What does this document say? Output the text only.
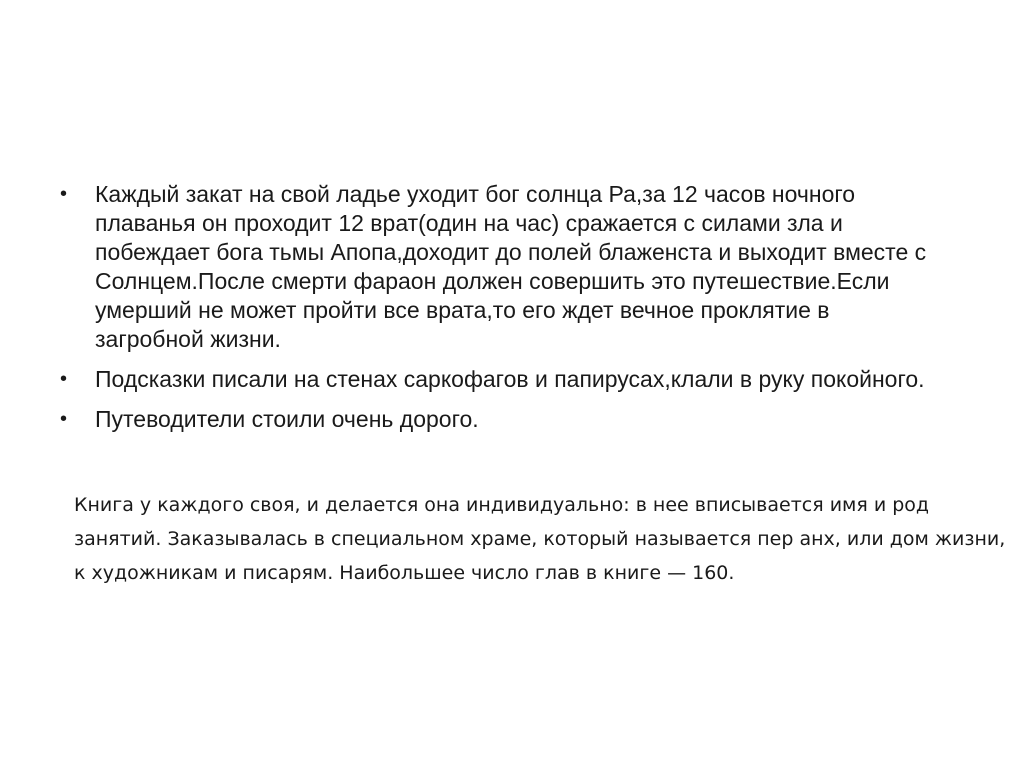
• Каждый закат на свой ладье уходит бог солнца Ра,за 12 часов ночного плаванья он проходит 12 врат(один на час) сражается с силами зла и побеждает бога тьмы Апопа,доходит до полей блаженста и выходит вместе с Солнцем.После смерти фараон должен совершить это путешествие.Если умерший не может пройти все врата,то его ждет вечное проклятие в загробной жизни.
• Подсказки писали на стенах саркофагов и папирусах,клали в руку покойного.
• Путеводители стоили очень дорого.

Книга у каждого своя, и делается она индивидуально: в нее вписывается имя и род занятий. Заказывалась в специальном храме, который называется пер анх, или дом жизни, к художникам и писарям. Наибольшее число глав в книге — 160.
